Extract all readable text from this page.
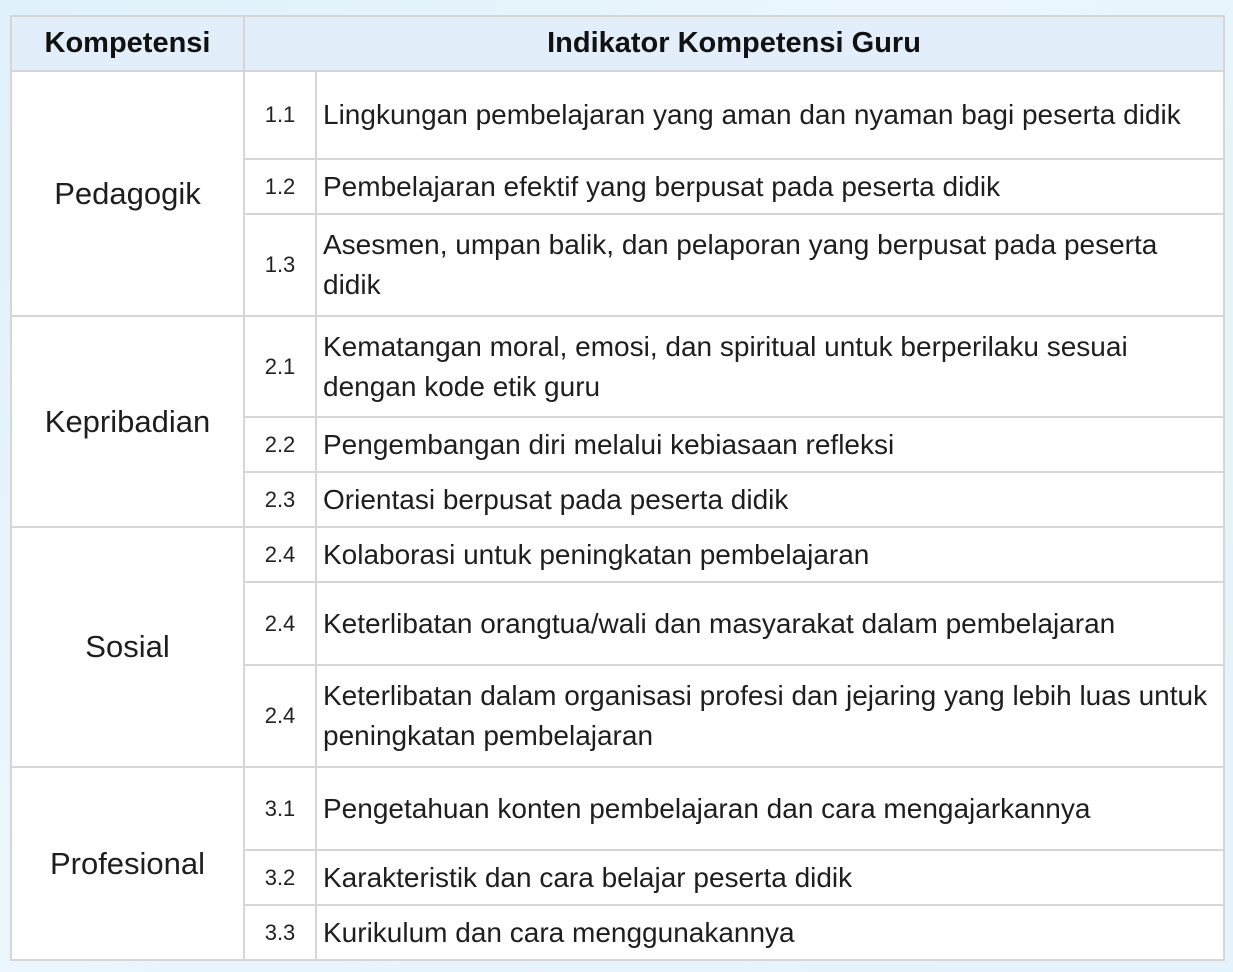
Kompetensi	Indikator Kompetensi Guru	
Pedagogik	1.1	Lingkungan pembelajaran yang aman dan nyaman bagi peserta didik
	1.2	Pembelajaran efektif yang berpusat pada peserta didik
	1.3	Asesmen, umpan balik, dan pelaporan yang berpusat pada peserta didik
Kepribadian	2.1	Kematangan moral, emosi, dan spiritual untuk berperilaku sesuai dengan kode etik guru
	2.2	Pengembangan diri melalui kebiasaan refleksi
	2.3	Orientasi berpusat pada peserta didik
Sosial	2.4	Kolaborasi untuk peningkatan pembelajaran
	2.4	Keterlibatan orangtua/wali dan masyarakat dalam pembelajaran
	2.4	Keterlibatan dalam organisasi profesi dan jejaring yang lebih luas untuk peningkatan pembelajaran
Profesional	3.1	Pengetahuan konten pembelajaran dan cara mengajarkannya
	3.2	Karakteristik dan cara belajar peserta didik
	3.3	Kurikulum dan cara menggunakannya
